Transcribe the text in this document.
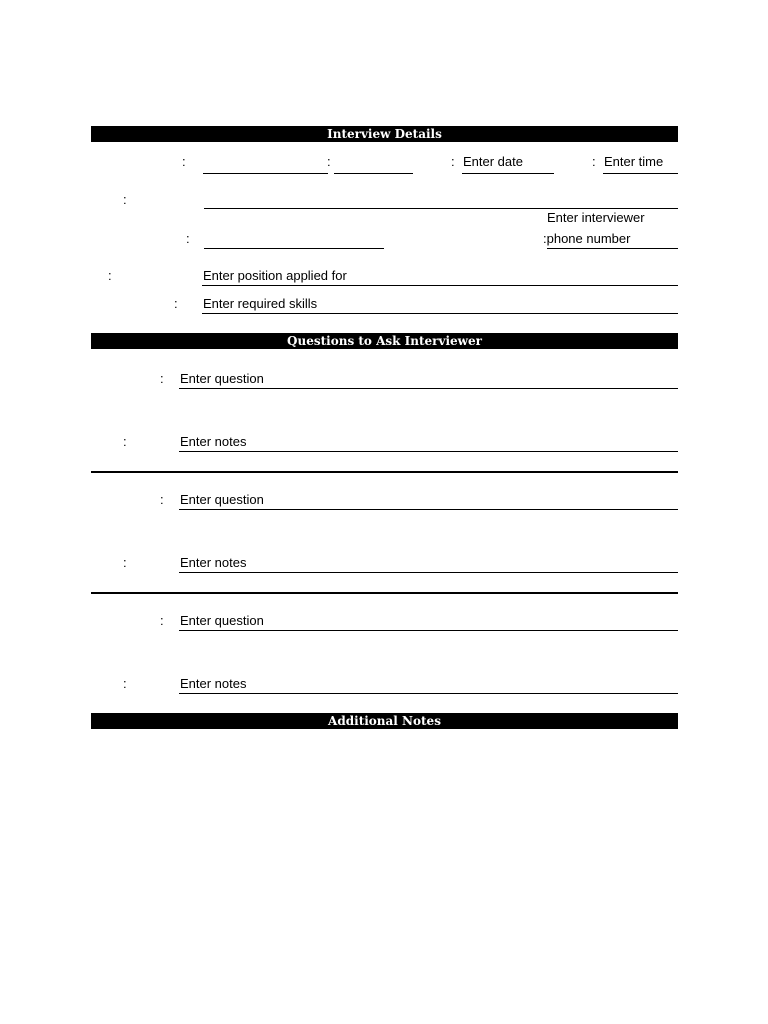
Interview Details
:	:	: Enter date	: Enter time
:
:
Enter interviewer
:phone number
:	Enter position applied for
: Enter required skills
Questions to Ask Interviewer
: Enter question
:	Enter notes
: Enter question
:	Enter notes
: Enter question
:	Enter notes
Additional Notes
